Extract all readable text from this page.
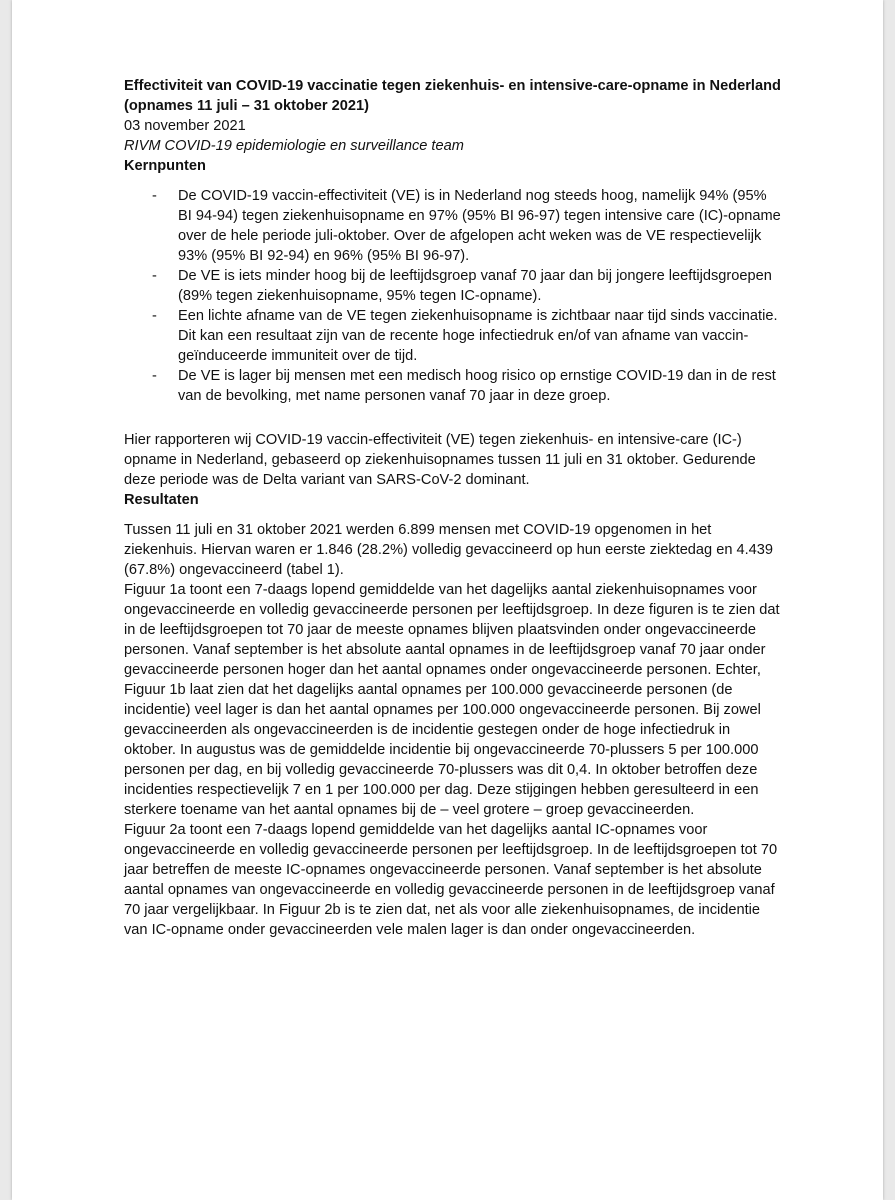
Effectiviteit van COVID-19 vaccinatie tegen ziekenhuis- en intensive-care-opname in Nederland (opnames 11 juli – 31 oktober 2021)

03 november 2021

RIVM COVID-19 epidemiologie en surveillance team

Kernpunten
- De COVID-19 vaccin-effectiviteit (VE) is in Nederland nog steeds hoog, namelijk 94% (95% BI 94-94) tegen ziekenhuisopname en 97% (95% BI 96-97) tegen intensive care (IC)-opname over de hele periode juli-oktober. Over de afgelopen acht weken was de VE respectievelijk 93% (95% BI 92-94) en 96% (95% BI 96-97).
- De VE is iets minder hoog bij de leeftijdsgroep vanaf 70 jaar dan bij jongere leeftijdsgroepen (89% tegen ziekenhuisopname, 95% tegen IC-opname).
- Een lichte afname van de VE tegen ziekenhuisopname is zichtbaar naar tijd sinds vaccinatie. Dit kan een resultaat zijn van de recente hoge infectiedruk en/of van afname van vaccin-geïnduceerde immuniteit over de tijd.
- De VE is lager bij mensen met een medisch hoog risico op ernstige COVID-19 dan in de rest van de bevolking, met name personen vanaf 70 jaar in deze groep.

Hier rapporteren wij COVID-19 vaccin-effectiviteit (VE) tegen ziekenhuis- en intensive-care (IC-) opname in Nederland, gebaseerd op ziekenhuisopnames tussen 11 juli en 31 oktober. Gedurende deze periode was de Delta variant van SARS-CoV-2 dominant.

Resultaten

Tussen 11 juli en 31 oktober 2021 werden 6.899 mensen met COVID-19 opgenomen in het ziekenhuis. Hiervan waren er 1.846 (28.2%) volledig gevaccineerd op hun eerste ziektedag en 4.439 (67.8%) ongevaccineerd (tabel 1).

Figuur 1a toont een 7-daags lopend gemiddelde van het dagelijks aantal ziekenhuisopnames voor ongevaccineerde en volledig gevaccineerde personen per leeftijdsgroep. In deze figuren is te zien dat in de leeftijdsgroepen tot 70 jaar de meeste opnames blijven plaatsvinden onder ongevaccineerde personen. Vanaf september is het absolute aantal opnames in de leeftijdsgroep vanaf 70 jaar onder gevaccineerde personen hoger dan het aantal opnames onder ongevaccineerde personen. Echter, Figuur 1b laat zien dat het dagelijks aantal opnames per 100.000 gevaccineerde personen (de incidentie) veel lager is dan het aantal opnames per 100.000 ongevaccineerde personen. Bij zowel gevaccineerden als ongevaccineerden is de incidentie gestegen onder de hoge infectiedruk in oktober. In augustus was de gemiddelde incidentie bij ongevaccineerde 70-plussers 5 per 100.000 personen per dag, en bij volledig gevaccineerde 70-plussers was dit 0,4. In oktober betroffen deze incidenties respectievelijk 7 en 1 per 100.000 per dag. Deze stijgingen hebben geresulteerd in een sterkere toename van het aantal opnames bij de – veel grotere – groep gevaccineerden.

Figuur 2a toont een 7-daags lopend gemiddelde van het dagelijks aantal IC-opnames voor ongevaccineerde en volledig gevaccineerde personen per leeftijdsgroep. In de leeftijdsgroepen tot 70 jaar betreffen de meeste IC-opnames ongevaccineerde personen. Vanaf september is het absolute aantal opnames van ongevaccineerde en volledig gevaccineerde personen in de leeftijdsgroep vanaf 70 jaar vergelijkbaar. In Figuur 2b is te zien dat, net als voor alle ziekenhuisopnames, de incidentie van IC-opname onder gevaccineerden vele malen lager is dan onder ongevaccineerden.
